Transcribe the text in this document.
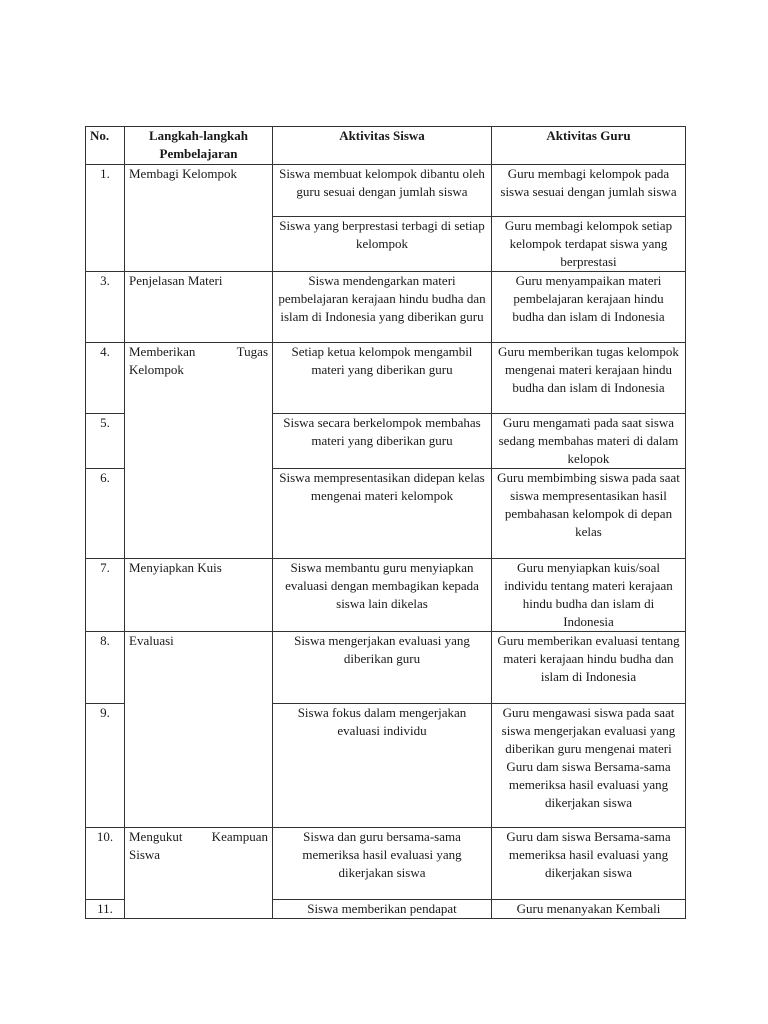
No.	Langkah-langkah Pembelajaran	Aktivitas Siswa	Aktivitas Guru
1.	Membagi Kelompok	Siswa membuat kelompok dibantu oleh guru sesuai dengan jumlah siswa	Guru membagi kelompok pada siswa sesuai dengan jumlah siswa
		Siswa yang berprestasi terbagi di setiap kelompok	Guru membagi kelompok setiap kelompok terdapat siswa yang berprestasi
3.	Penjelasan Materi	Siswa mendengarkan materi pembelajaran kerajaan hindu budha dan islam di Indonesia yang diberikan guru	Guru menyampaikan materi pembelajaran kerajaan hindu budha dan islam di Indonesia
4.	Memberikan Tugas Kelompok	Setiap ketua kelompok mengambil materi yang diberikan guru	Guru memberikan tugas kelompok mengenai materi kerajaan hindu budha dan islam di Indonesia
5.		Siswa secara berkelompok membahas materi yang diberikan guru	Guru mengamati pada saat siswa sedang membahas materi di dalam kelopok
6.		Siswa mempresentasikan didepan kelas mengenai materi kelompok	Guru membimbing siswa pada saat siswa mempresentasikan hasil pembahasan kelompok di depan kelas
7.	Menyiapkan Kuis	Siswa membantu guru menyiapkan evaluasi dengan membagikan kepada siswa lain dikelas	Guru menyiapkan kuis/soal individu tentang materi kerajaan hindu budha dan islam di Indonesia
8.	Evaluasi	Siswa mengerjakan evaluasi yang diberikan guru	Guru memberikan evaluasi tentang materi kerajaan hindu budha dan islam di Indonesia
9.		Siswa fokus dalam mengerjakan evaluasi individu	Guru mengawasi siswa pada saat siswa mengerjakan evaluasi yang diberikan guru mengenai materi Guru dam siswa Bersama-sama memeriksa hasil evaluasi yang dikerjakan siswa
10.	Mengukut Keampuan Siswa	Siswa dan guru bersama-sama memeriksa hasil evaluasi yang dikerjakan siswa	Guru dam siswa Bersama-sama memeriksa hasil evaluasi yang dikerjakan siswa
11.		Siswa memberikan pendapat	Guru menanyakan Kembali
